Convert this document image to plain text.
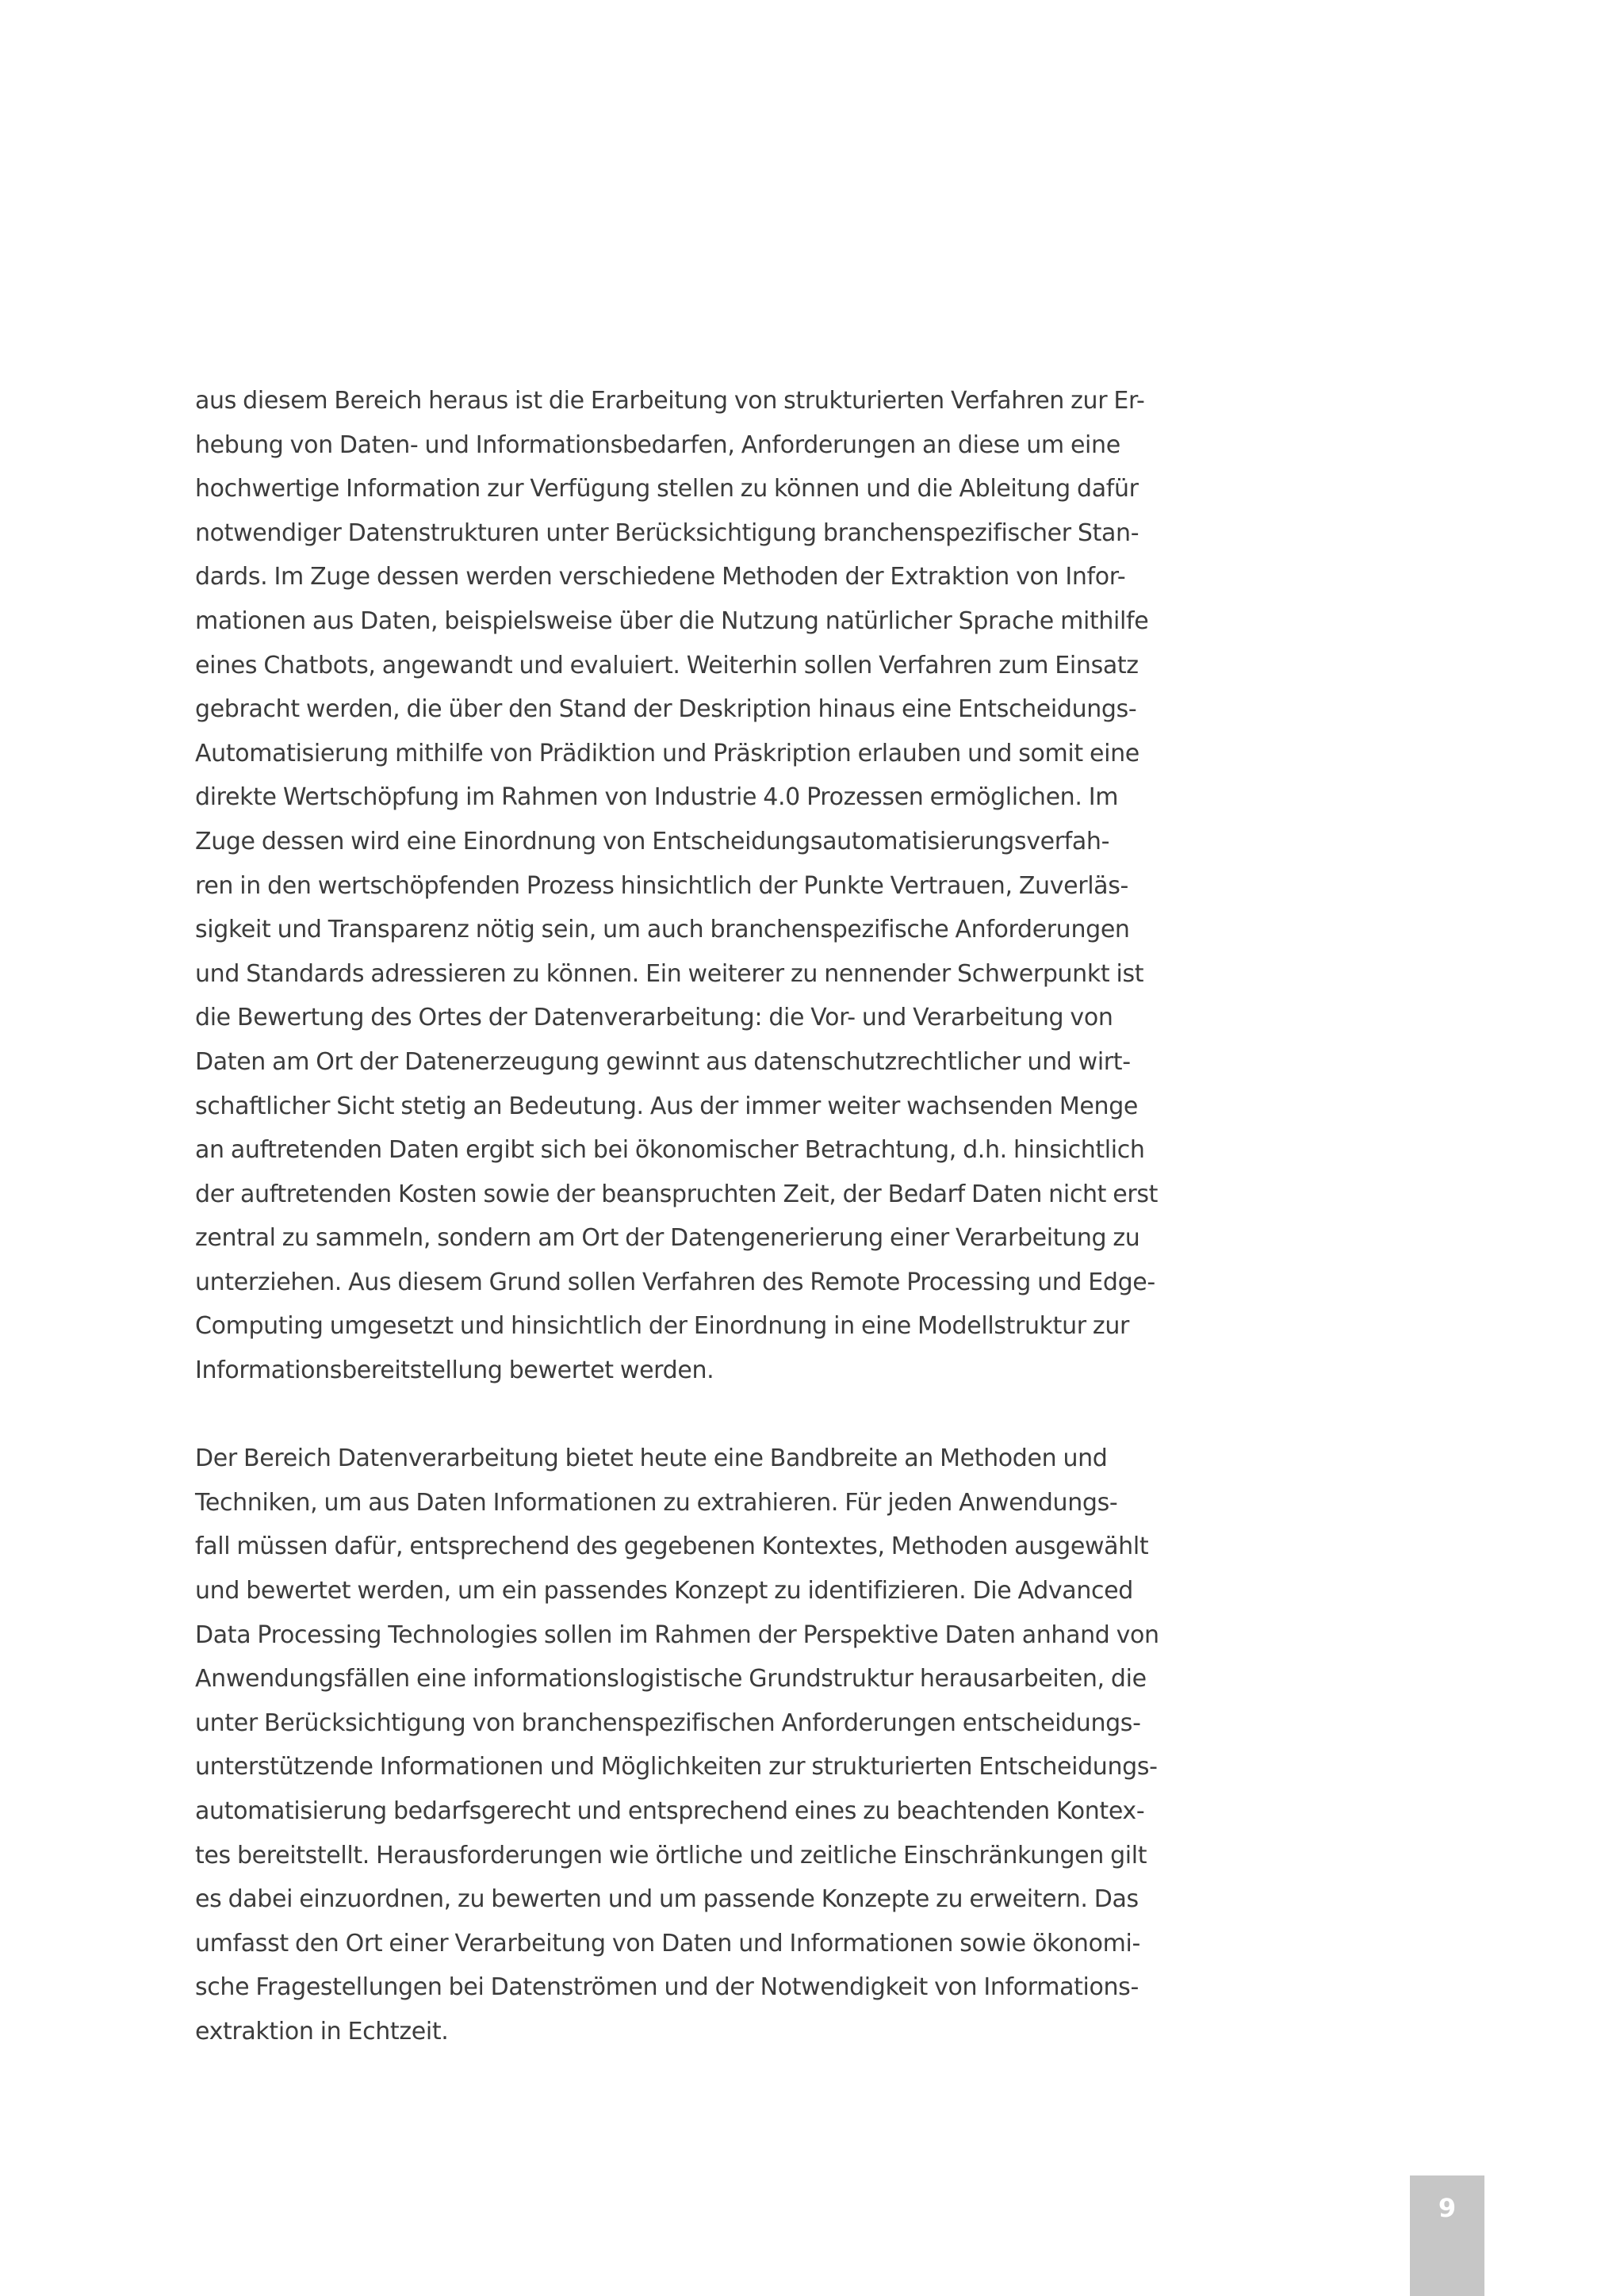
aus diesem Bereich heraus ist die Erarbeitung von strukturierten Verfahren zur Er-
hebung von Daten- und Informationsbedarfen, Anforderungen an diese um eine
hochwertige Information zur Verfügung stellen zu können und die Ableitung dafür
notwendiger Datenstrukturen unter Berücksichtigung branchenspezifischer Stan-
dards. Im Zuge dessen werden verschiedene Methoden der Extraktion von Infor-
mationen aus Daten, beispielsweise über die Nutzung natürlicher Sprache mithilfe
eines Chatbots, angewandt und evaluiert. Weiterhin sollen Verfahren zum Einsatz
gebracht werden, die über den Stand der Deskription hinaus eine Entscheidungs-
Automatisierung mithilfe von Prädiktion und Präskription erlauben und somit eine
direkte Wertschöpfung im Rahmen von Industrie 4.0 Prozessen ermöglichen. Im
Zuge dessen wird eine Einordnung von Entscheidungsautomatisierungsverfah-
ren in den wertschöpfenden Prozess hinsichtlich der Punkte Vertrauen, Zuverläs-
sigkeit und Transparenz nötig sein, um auch branchenspezifische Anforderungen
und Standards adressieren zu können. Ein weiterer zu nennender Schwerpunkt ist
die Bewertung des Ortes der Datenverarbeitung: die Vor- und Verarbeitung von
Daten am Ort der Datenerzeugung gewinnt aus datenschutzrechtlicher und wirt-
schaftlicher Sicht stetig an Bedeutung. Aus der immer weiter wachsenden Menge
an auftretenden Daten ergibt sich bei ökonomischer Betrachtung, d.h. hinsichtlich
der auftretenden Kosten sowie der beanspruchten Zeit, der Bedarf Daten nicht erst
zentral zu sammeln, sondern am Ort der Datengenerierung einer Verarbeitung zu
unterziehen. Aus diesem Grund sollen Verfahren des Remote Processing und Edge-
Computing umgesetzt und hinsichtlich der Einordnung in eine Modellstruktur zur
Informationsbereitstellung bewertet werden.
Der Bereich Datenverarbeitung bietet heute eine Bandbreite an Methoden und
Techniken, um aus Daten Informationen zu extrahieren. Für jeden Anwendungs-
fall müssen dafür, entsprechend des gegebenen Kontextes, Methoden ausgewählt
und bewertet werden, um ein passendes Konzept zu identifizieren. Die Advanced
Data Processing Technologies sollen im Rahmen der Perspektive Daten anhand von
Anwendungsfällen eine informationslogistische Grundstruktur herausarbeiten, die
unter Berücksichtigung von branchenspezifischen Anforderungen entscheidungs-
unterstützende Informationen und Möglichkeiten zur strukturierten Entscheidungs-
automatisierung bedarfsgerecht und entsprechend eines zu beachtenden Kontex-
tes bereitstellt. Herausforderungen wie örtliche und zeitliche Einschränkungen gilt
es dabei einzuordnen, zu bewerten und um passende Konzepte zu erweitern. Das
umfasst den Ort einer Verarbeitung von Daten und Informationen sowie ökonomi-
sche Fragestellungen bei Datenströmen und der Notwendigkeit von Informations-
extraktion in Echtzeit.
9
